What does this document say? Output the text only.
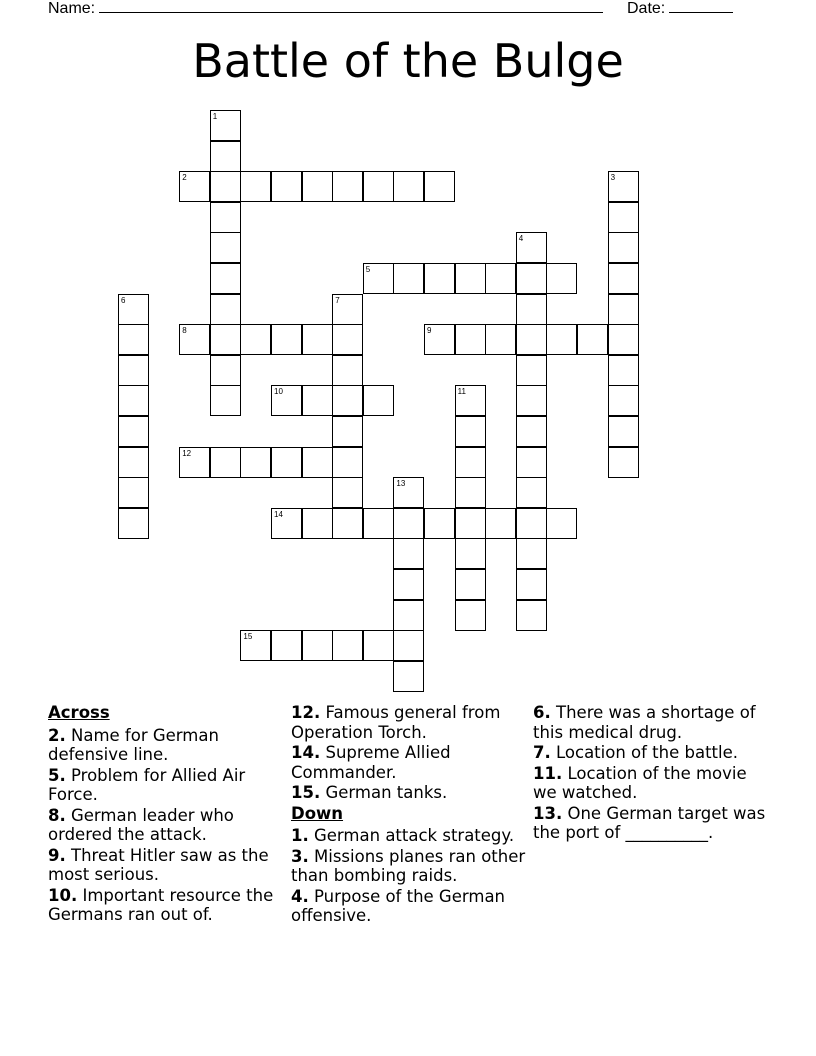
Name:	Date:
Battle of the Bulge
1
2	3
4
5
6	7
8	9
10	11
12
13
14
15
Across
2. Name for German defensive line.
5. Problem for Allied Air Force.
8. German leader who ordered the attack.
9. Threat Hitler saw as the most serious.
10. Important resource the Germans ran out of.
12. Famous general from Operation Torch.
14. Supreme Allied Commander.
15. German tanks.
Down
1. German attack strategy.
3. Missions planes ran other than bombing raids.
4. Purpose of the German offensive.
6. There was a shortage of this medical drug.
7. Location of the battle.
11. Location of the movie we watched.
13. One German target was the port of __________.
